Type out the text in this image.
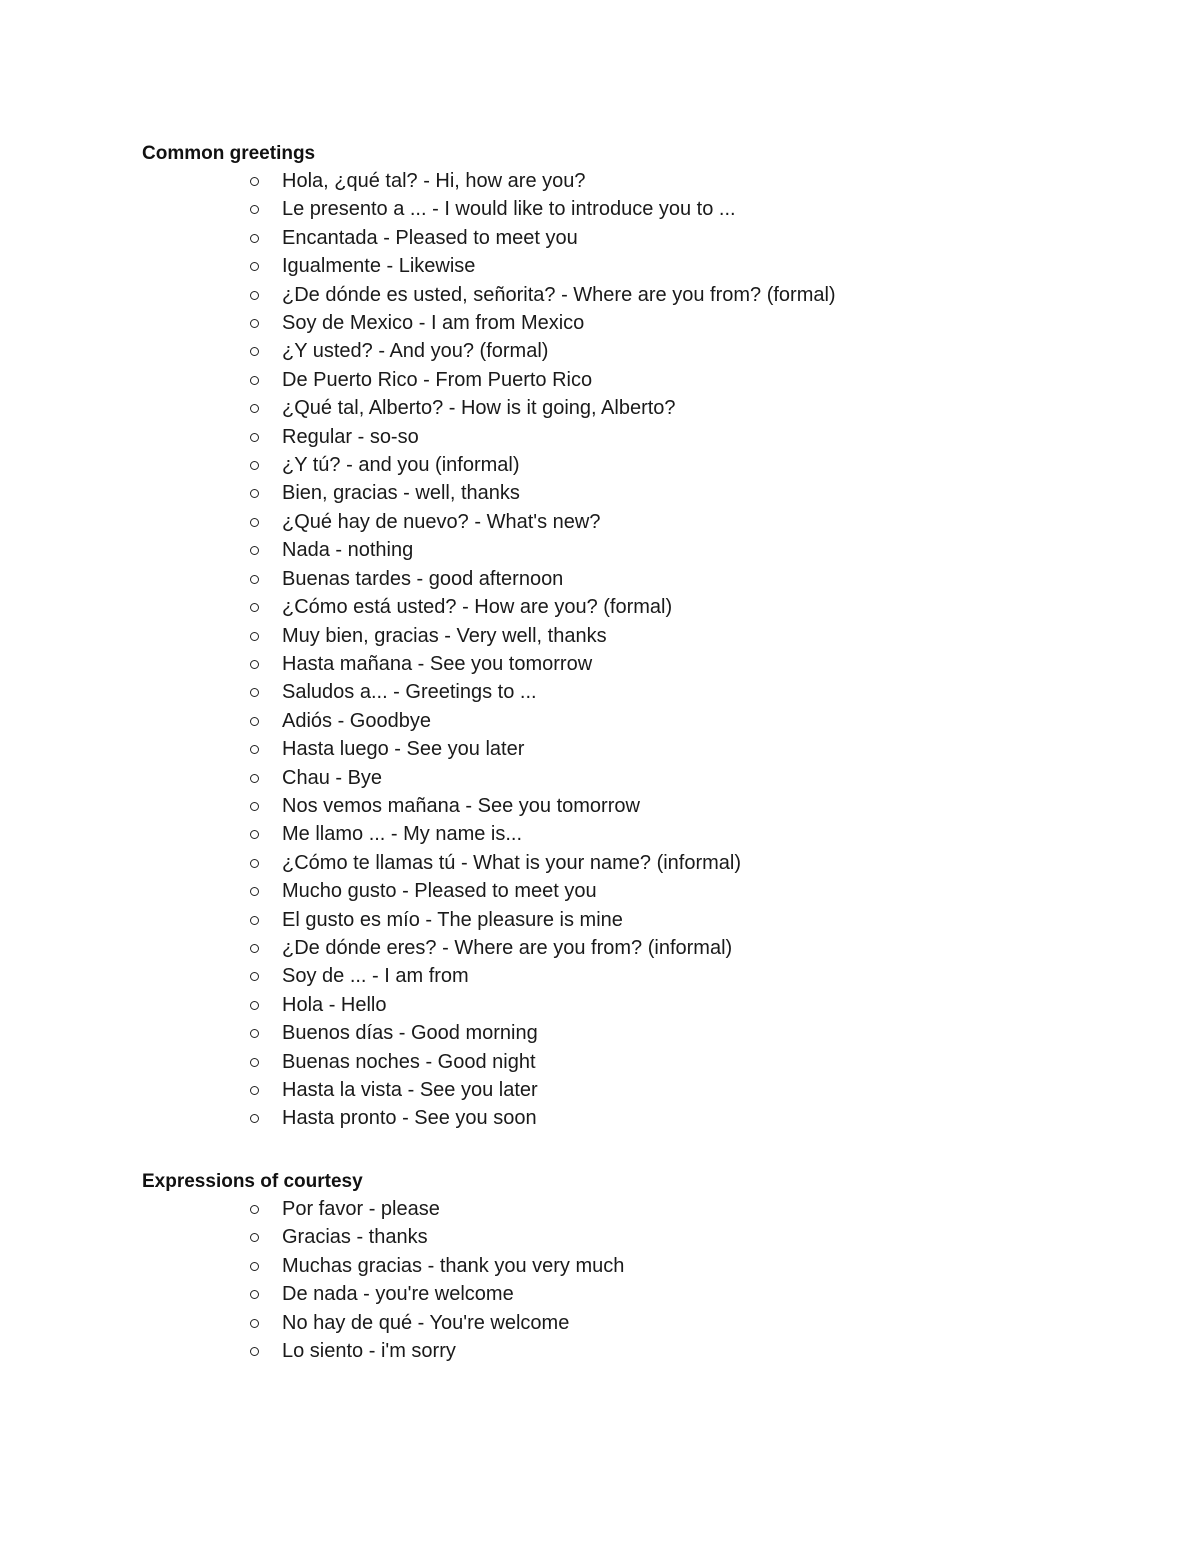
Common greetings
Hola, ¿qué tal? - Hi, how are you?
Le presento a ... - I would like to introduce you to ...
Encantada - Pleased to meet you
Igualmente - Likewise
¿De dónde es usted, señorita? - Where are you from? (formal)
Soy de Mexico - I am from Mexico
¿Y usted? - And you? (formal)
De Puerto Rico - From Puerto Rico
¿Qué tal, Alberto? - How is it going, Alberto?
Regular - so-so
¿Y tú? - and you (informal)
Bien, gracias - well, thanks
¿Qué hay de nuevo? - What's new?
Nada - nothing
Buenas tardes - good afternoon
¿Cómo está usted? - How are you? (formal)
Muy bien, gracias - Very well, thanks
Hasta mañana - See you tomorrow
Saludos a... - Greetings to ...
Adiós - Goodbye
Hasta luego - See you later
Chau - Bye
Nos vemos mañana - See you tomorrow
Me llamo ... - My name is...
¿Cómo te llamas tú - What is your name? (informal)
Mucho gusto - Pleased to meet you
El gusto es mío - The pleasure is mine
¿De dónde eres? - Where are you from? (informal)
Soy de ... - I am from
Hola - Hello
Buenos días - Good morning
Buenas noches - Good night
Hasta la vista - See you later
Hasta pronto - See you soon
Expressions of courtesy
Por favor - please
Gracias - thanks
Muchas gracias - thank you very much
De nada - you're welcome
No hay de qué - You're welcome
Lo siento - i'm sorry
